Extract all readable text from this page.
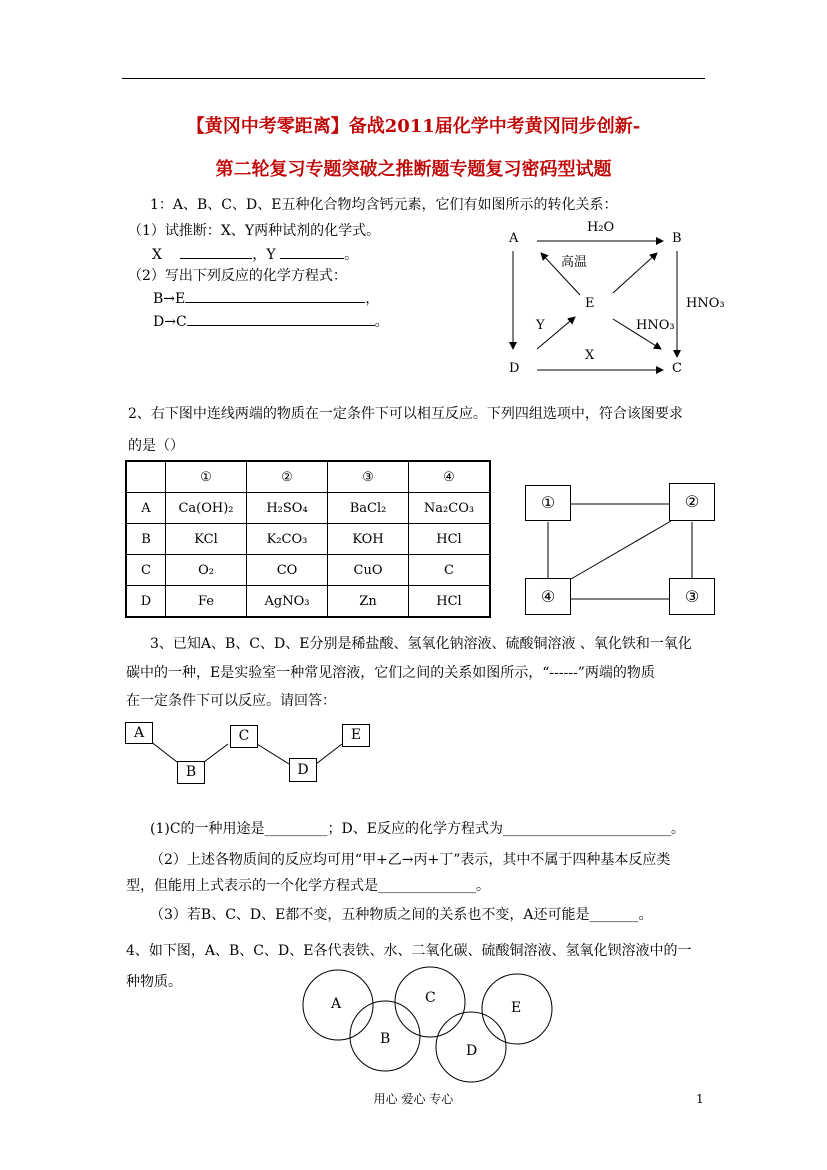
【黄冈中考零距离】备战2011届化学中考黄冈同步创新-
第二轮复习专题突破之推断题专题复习密码型试题
1：A、B、C、D、E五种化合物均含钙元素，它们有如图所示的转化关系：
（1）试推断：X、Y两种试剂的化学式。
X	，Y	。
（2）写出下列反应的化学方程式：
B→E	，
D→C	。
A	B
C
D
E
H₂O
高温
HNO₃
HNO₃
Y
X
2、右下图中连线两端的物质在一定条件下可以相互反应。下列四组选项中，符合该图要求
的是（）
	①	②	③	④
A	Ca(OH)₂	H₂SO₄	BaCl₂	Na₂CO₃
B	KCl	K₂CO₃	KOH	HCl
C	O₂	CO	CuO	C
D	Fe	AgNO₃	Zn	HCl
①	②
③
④
3、已知A、B、C、D、E分别是稀盐酸、氢氧化钠溶液、硫酸铜溶液 、氧化铁和一氧化
碳中的一种，E是实验室一种常见溶液，它们之间的关系如图所示，“------”两端的物质
在一定条件下可以反应。请回答：
A
B
C
D
E
(1)C的一种用途是_________；D、E反应的化学方程式为________________________。
（2）上述各物质间的反应均可用“甲+乙→丙+丁”表示，其中不属于四种基本反应类
型，但能用上式表示的一个化学方程式是______________。
（3）若B、C、D、E都不变，五种物质之间的关系也不变，A还可能是_______。
4、如下图，A、B、C、D、E各代表铁、水、二氧化碳、硫酸铜溶液、氢氧化钡溶液中的一
种物质。
A
B
C
D
E
用心 爱心 专心	1
